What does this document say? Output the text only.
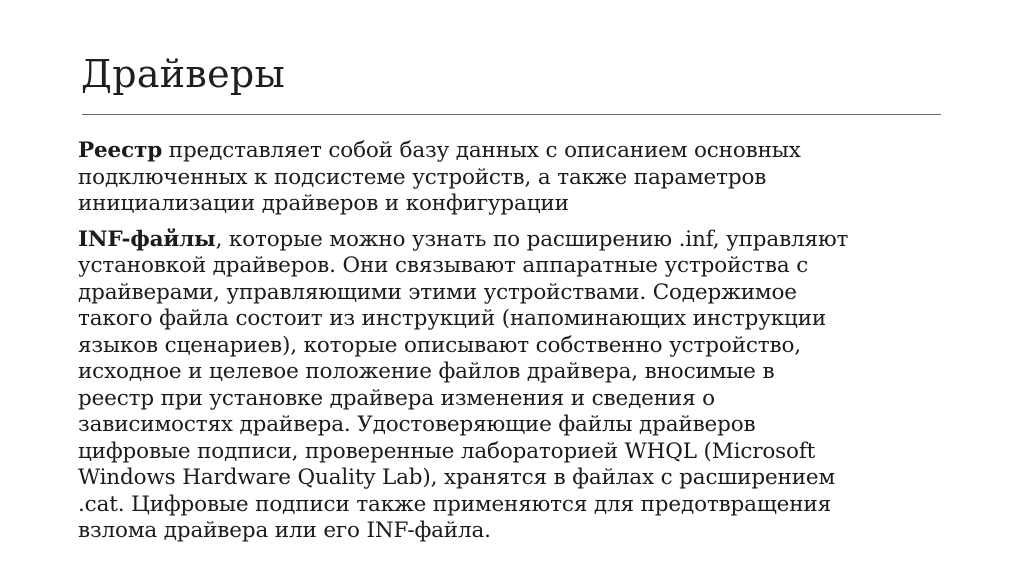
Драйверы

Реестр представляет собой базу данных с описанием основных
подключенных к подсистеме устройств, а также параметров
инициализации драйверов и конфигурации

INF-файлы, которые можно узнать по расширению .inf, управляют
установкой драйверов. Они связывают аппаратные устройства с
драйверами, управляющими этими устройствами. Содержимое
такого файла состоит из инструкций (напоминающих инструкции
языков сценариев), которые описывают собственно устройство,
исходное и целевое положение файлов драйвера, вносимые в
реестр при установке драйвера изменения и сведения о
зависимостях драйвера. Удостоверяющие файлы драйверов
цифровые подписи, проверенные лабораторией WHQL (Microsoft
Windows Hardware Quality Lab), хранятся в файлах с расширением
.cat. Цифровые подписи также применяются для предотвращения
взлома драйвера или его INF-файла.
